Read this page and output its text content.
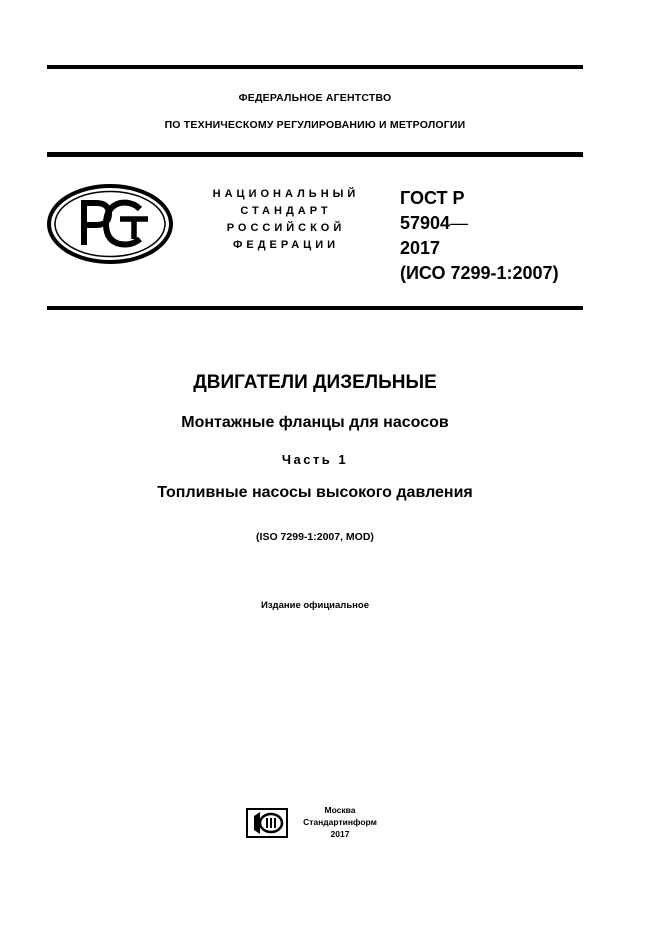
ФЕДЕРАЛЬНОЕ АГЕНТСТВО
ПО ТЕХНИЧЕСКОМУ РЕГУЛИРОВАНИЮ И МЕТРОЛОГИИ
НАЦИОНАЛЬНЫЙ
СТАНДАРТ
РОССИЙСКОЙ
ФЕДЕРАЦИИ
ГОСТ Р
57904—
2017
(ИСО 7299-1:2007)
ДВИГАТЕЛИ ДИЗЕЛЬНЫЕ
Монтажные фланцы для насосов
Часть 1
Топливные насосы высокого давления
(ISO 7299-1:2007, MOD)
Издание официальное
Москва
Стандартинформ
2017
